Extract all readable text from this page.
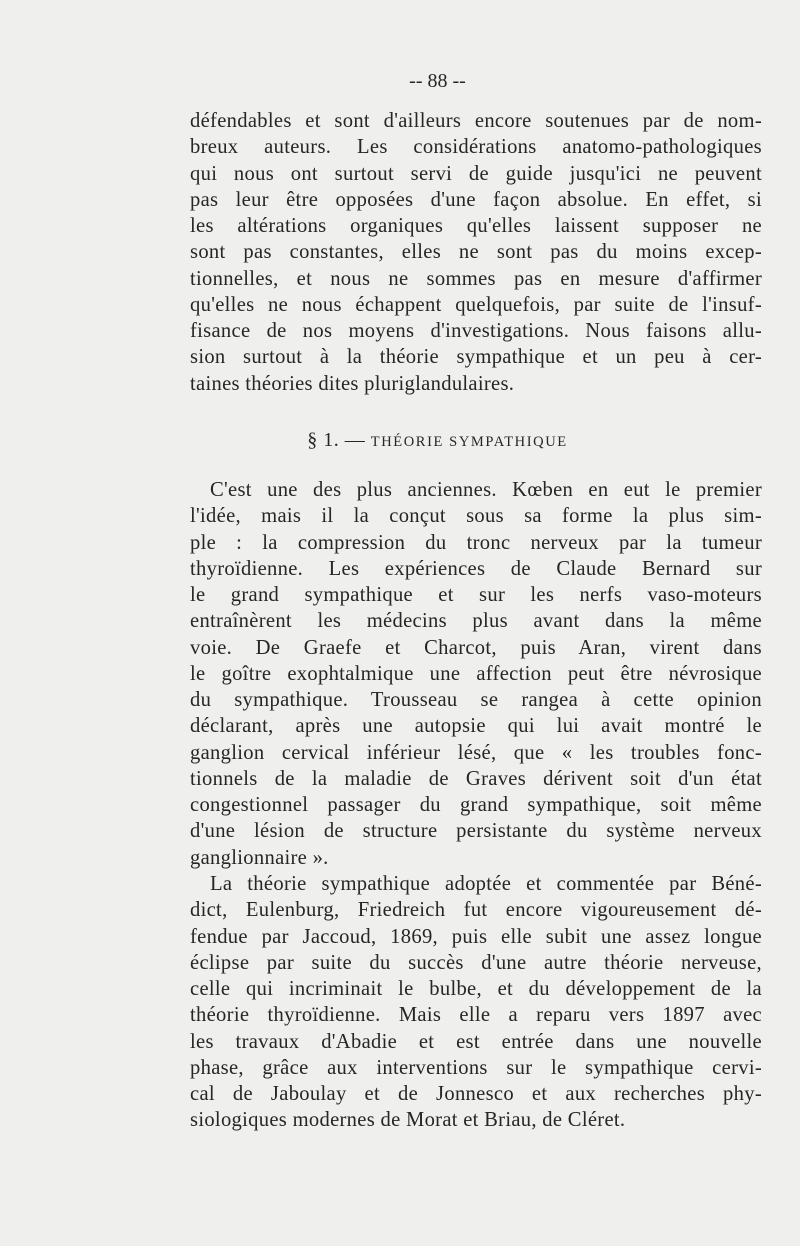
-- 88 --
défendables et sont d'ailleurs encore soutenues par de nom-
breux auteurs. Les considérations anatomo-pathologiques
qui nous ont surtout servi de guide jusqu'ici ne peuvent
pas leur être opposées d'une façon absolue. En effet, si
les altérations organiques qu'elles laissent supposer ne
sont pas constantes, elles ne sont pas du moins excep-
tionnelles, et nous ne sommes pas en mesure d'affirmer
qu'elles ne nous échappent quelquefois, par suite de l'insuf-
fisance de nos moyens d'investigations. Nous faisons allu-
sion surtout à la théorie sympathique et un peu à cer-
taines théories dites pluriglandulaires.
§ 1. — THÉORIE SYMPATHIQUE
C'est une des plus anciennes. Kœben en eut le premier
l'idée, mais il la conçut sous sa forme la plus sim-
ple : la compression du tronc nerveux par la tumeur
thyroïdienne. Les expériences de Claude Bernard sur
le grand sympathique et sur les nerfs vaso-moteurs
entraînèrent les médecins plus avant dans la même
voie. De Graefe et Charcot, puis Aran, virent dans
le goître exophtalmique une affection peut être névrosique
du sympathique. Trousseau se rangea à cette opinion
déclarant, après une autopsie qui lui avait montré le
ganglion cervical inférieur lésé, que « les troubles fonc-
tionnels de la maladie de Graves dérivent soit d'un état
congestionnel passager du grand sympathique, soit même
d'une lésion de structure persistante du système nerveux
ganglionnaire ».
La théorie sympathique adoptée et commentée par Béné-
dict, Eulenburg, Friedreich fut encore vigoureusement dé-
fendue par Jaccoud, 1869, puis elle subit une assez longue
éclipse par suite du succès d'une autre théorie nerveuse,
celle qui incriminait le bulbe, et du développement de la
théorie thyroïdienne. Mais elle a reparu vers 1897 avec
les travaux d'Abadie et est entrée dans une nouvelle
phase, grâce aux interventions sur le sympathique cervi-
cal de Jaboulay et de Jonnesco et aux recherches phy-
siologiques modernes de Morat et Briau, de Cléret.
